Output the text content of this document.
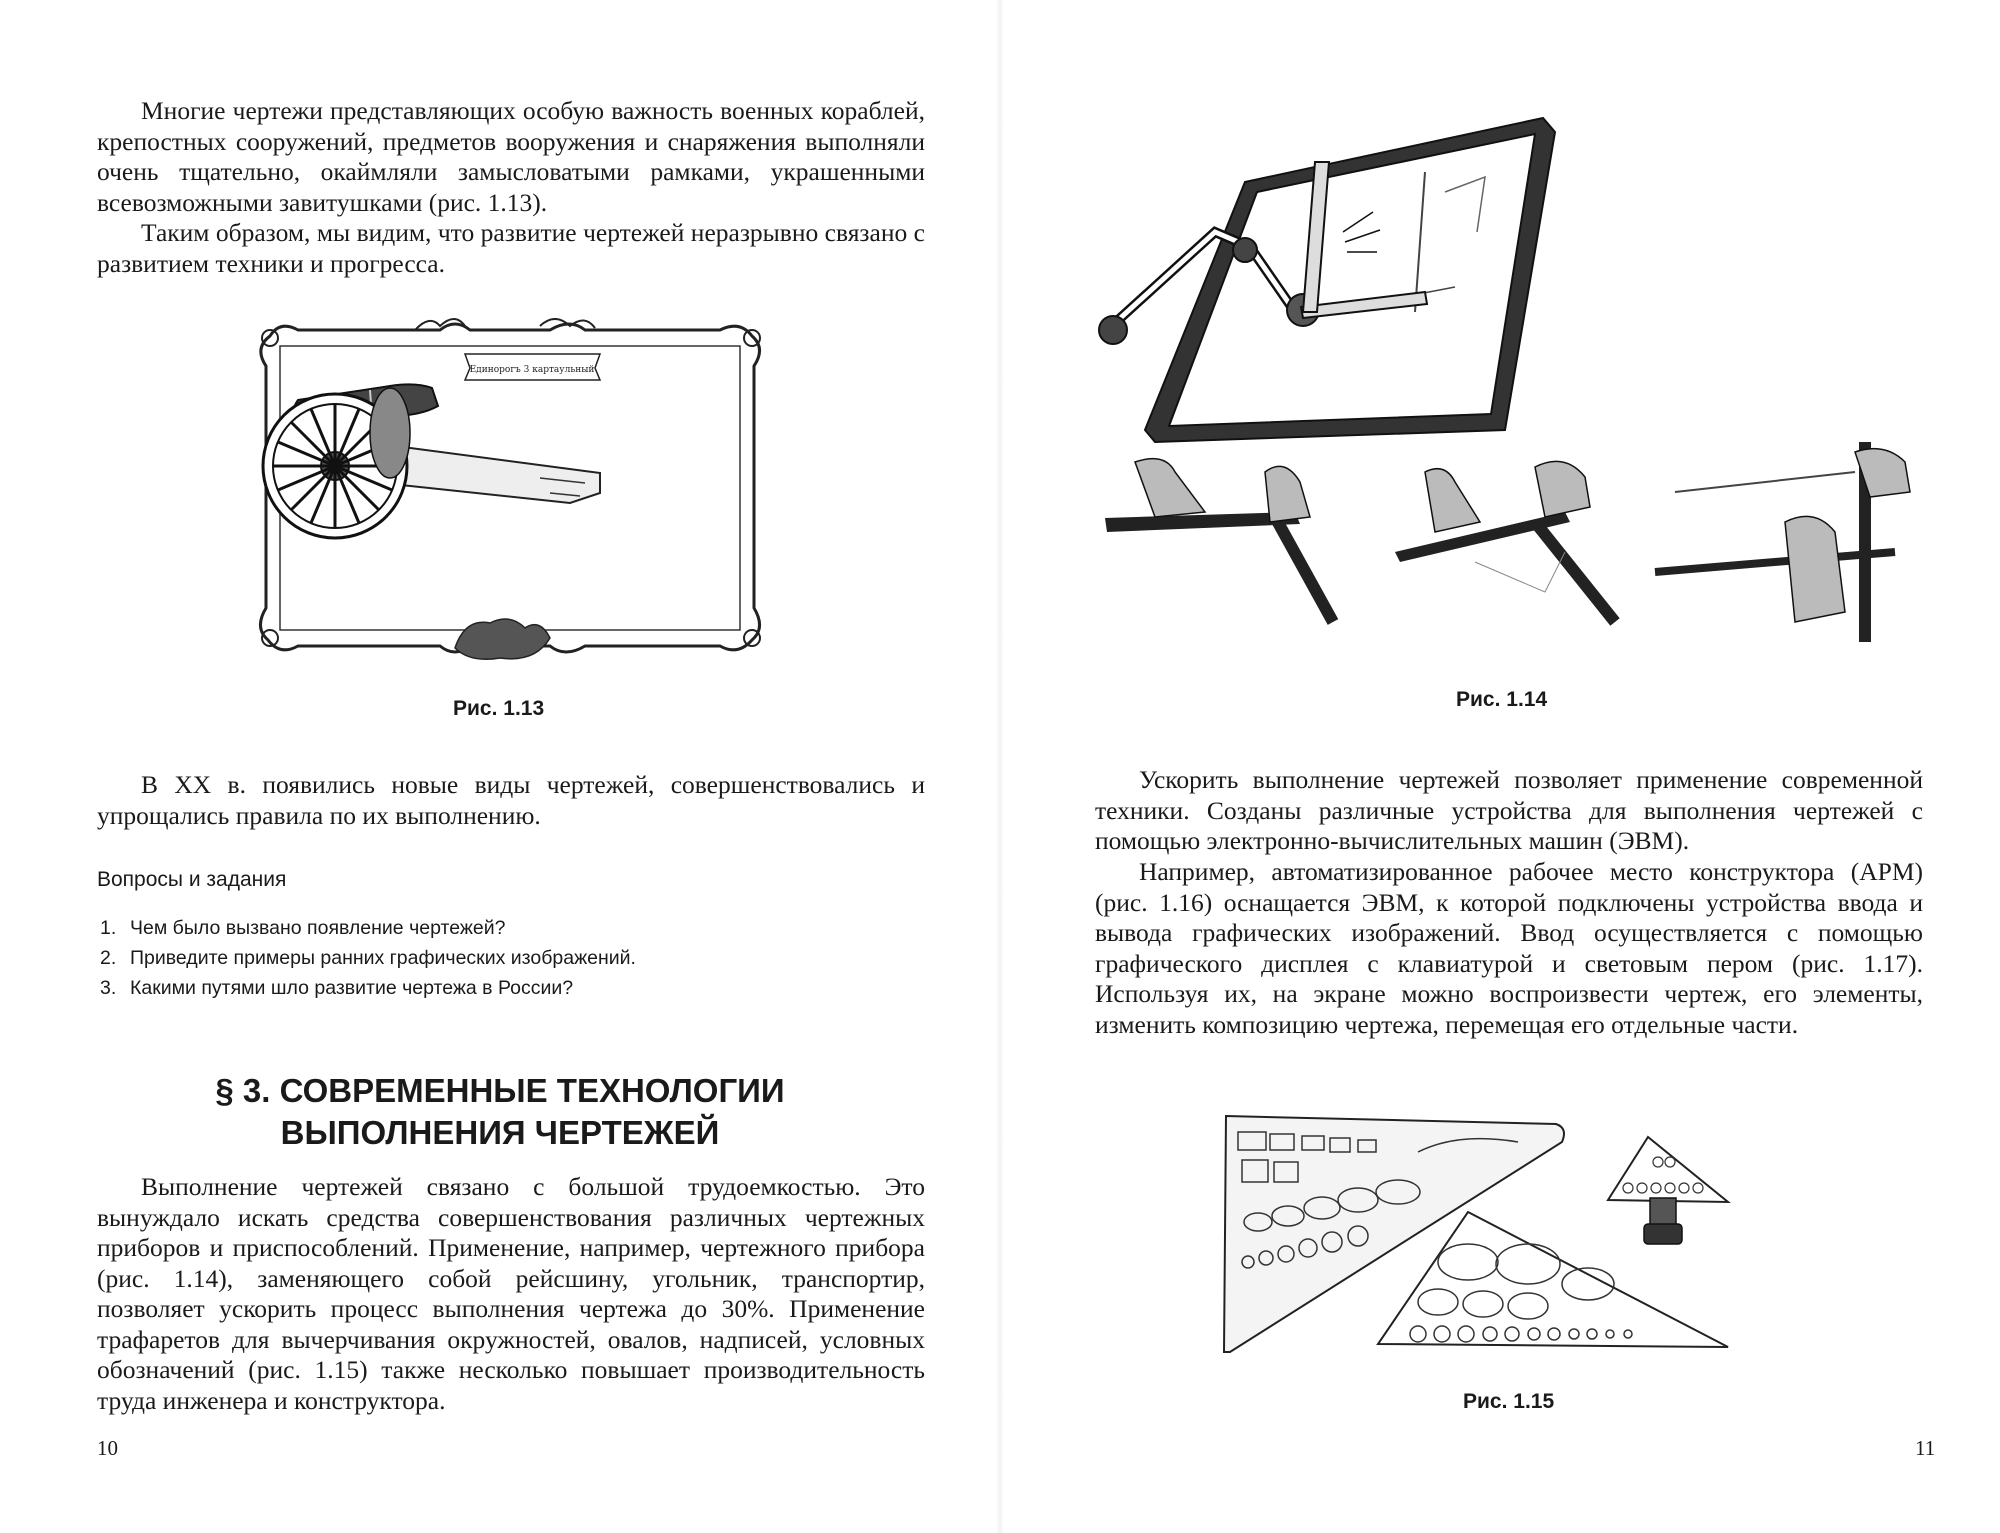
Многие чертежи представляющих особую важность военных кораблей, крепостных сооружений, предметов вооружения и снаряжения выполняли очень тщательно, окаймляли замысловатыми рамками, украшенными всевозможными завитушками (рис. 1.13).

Таким образом, мы видим, что развитие чертежей неразрывно связано с развитием техники и прогресса.

Единорогъ 3 картаульный
Рис. 1.13

В XX в. появились новые виды чертежей, совершенствовались и упрощались правила по их выполнению.

Вопросы и задания
1. Чем было вызвано появление чертежей?
2. Приведите примеры ранних графических изображений.
3. Какими путями шло развитие чертежа в России?
§ 3. СОВРЕМЕННЫЕ ТЕХНОЛОГИИ
ВЫПОЛНЕНИЯ ЧЕРТЕЖЕЙ

Выполнение чертежей связано с большой трудоемкостью. Это вынуждало искать средства совершенствования различных чертежных приборов и приспособлений. Применение, например, чертежного прибора (рис. 1.14), заменяющего собой рейсшину, угольник, транспортир, позволяет ускорить процесс выполнения чертежа до 30%. Применение трафаретов для вычерчивания окружностей, овалов, надписей, условных обозначений (рис. 1.15) также несколько повышает производительность труда инженера и конструктора.

10
Рис. 1.14

Ускорить выполнение чертежей позволяет применение современной техники. Созданы различные устройства для выполнения чертежей с помощью электронно-вычислительных машин (ЭВМ).

Например, автоматизированное рабочее место конструктора (АРМ) (рис. 1.16) оснащается ЭВМ, к которой подключены устройства ввода и вывода графических изображений. Ввод осуществляется с помощью графического дисплея с клавиатурой и световым пером (рис. 1.17). Используя их, на экране можно воспроизвести чертеж, его элементы, изменить композицию чертежа, перемещая его отдельные части.

Рис. 1.15
11
